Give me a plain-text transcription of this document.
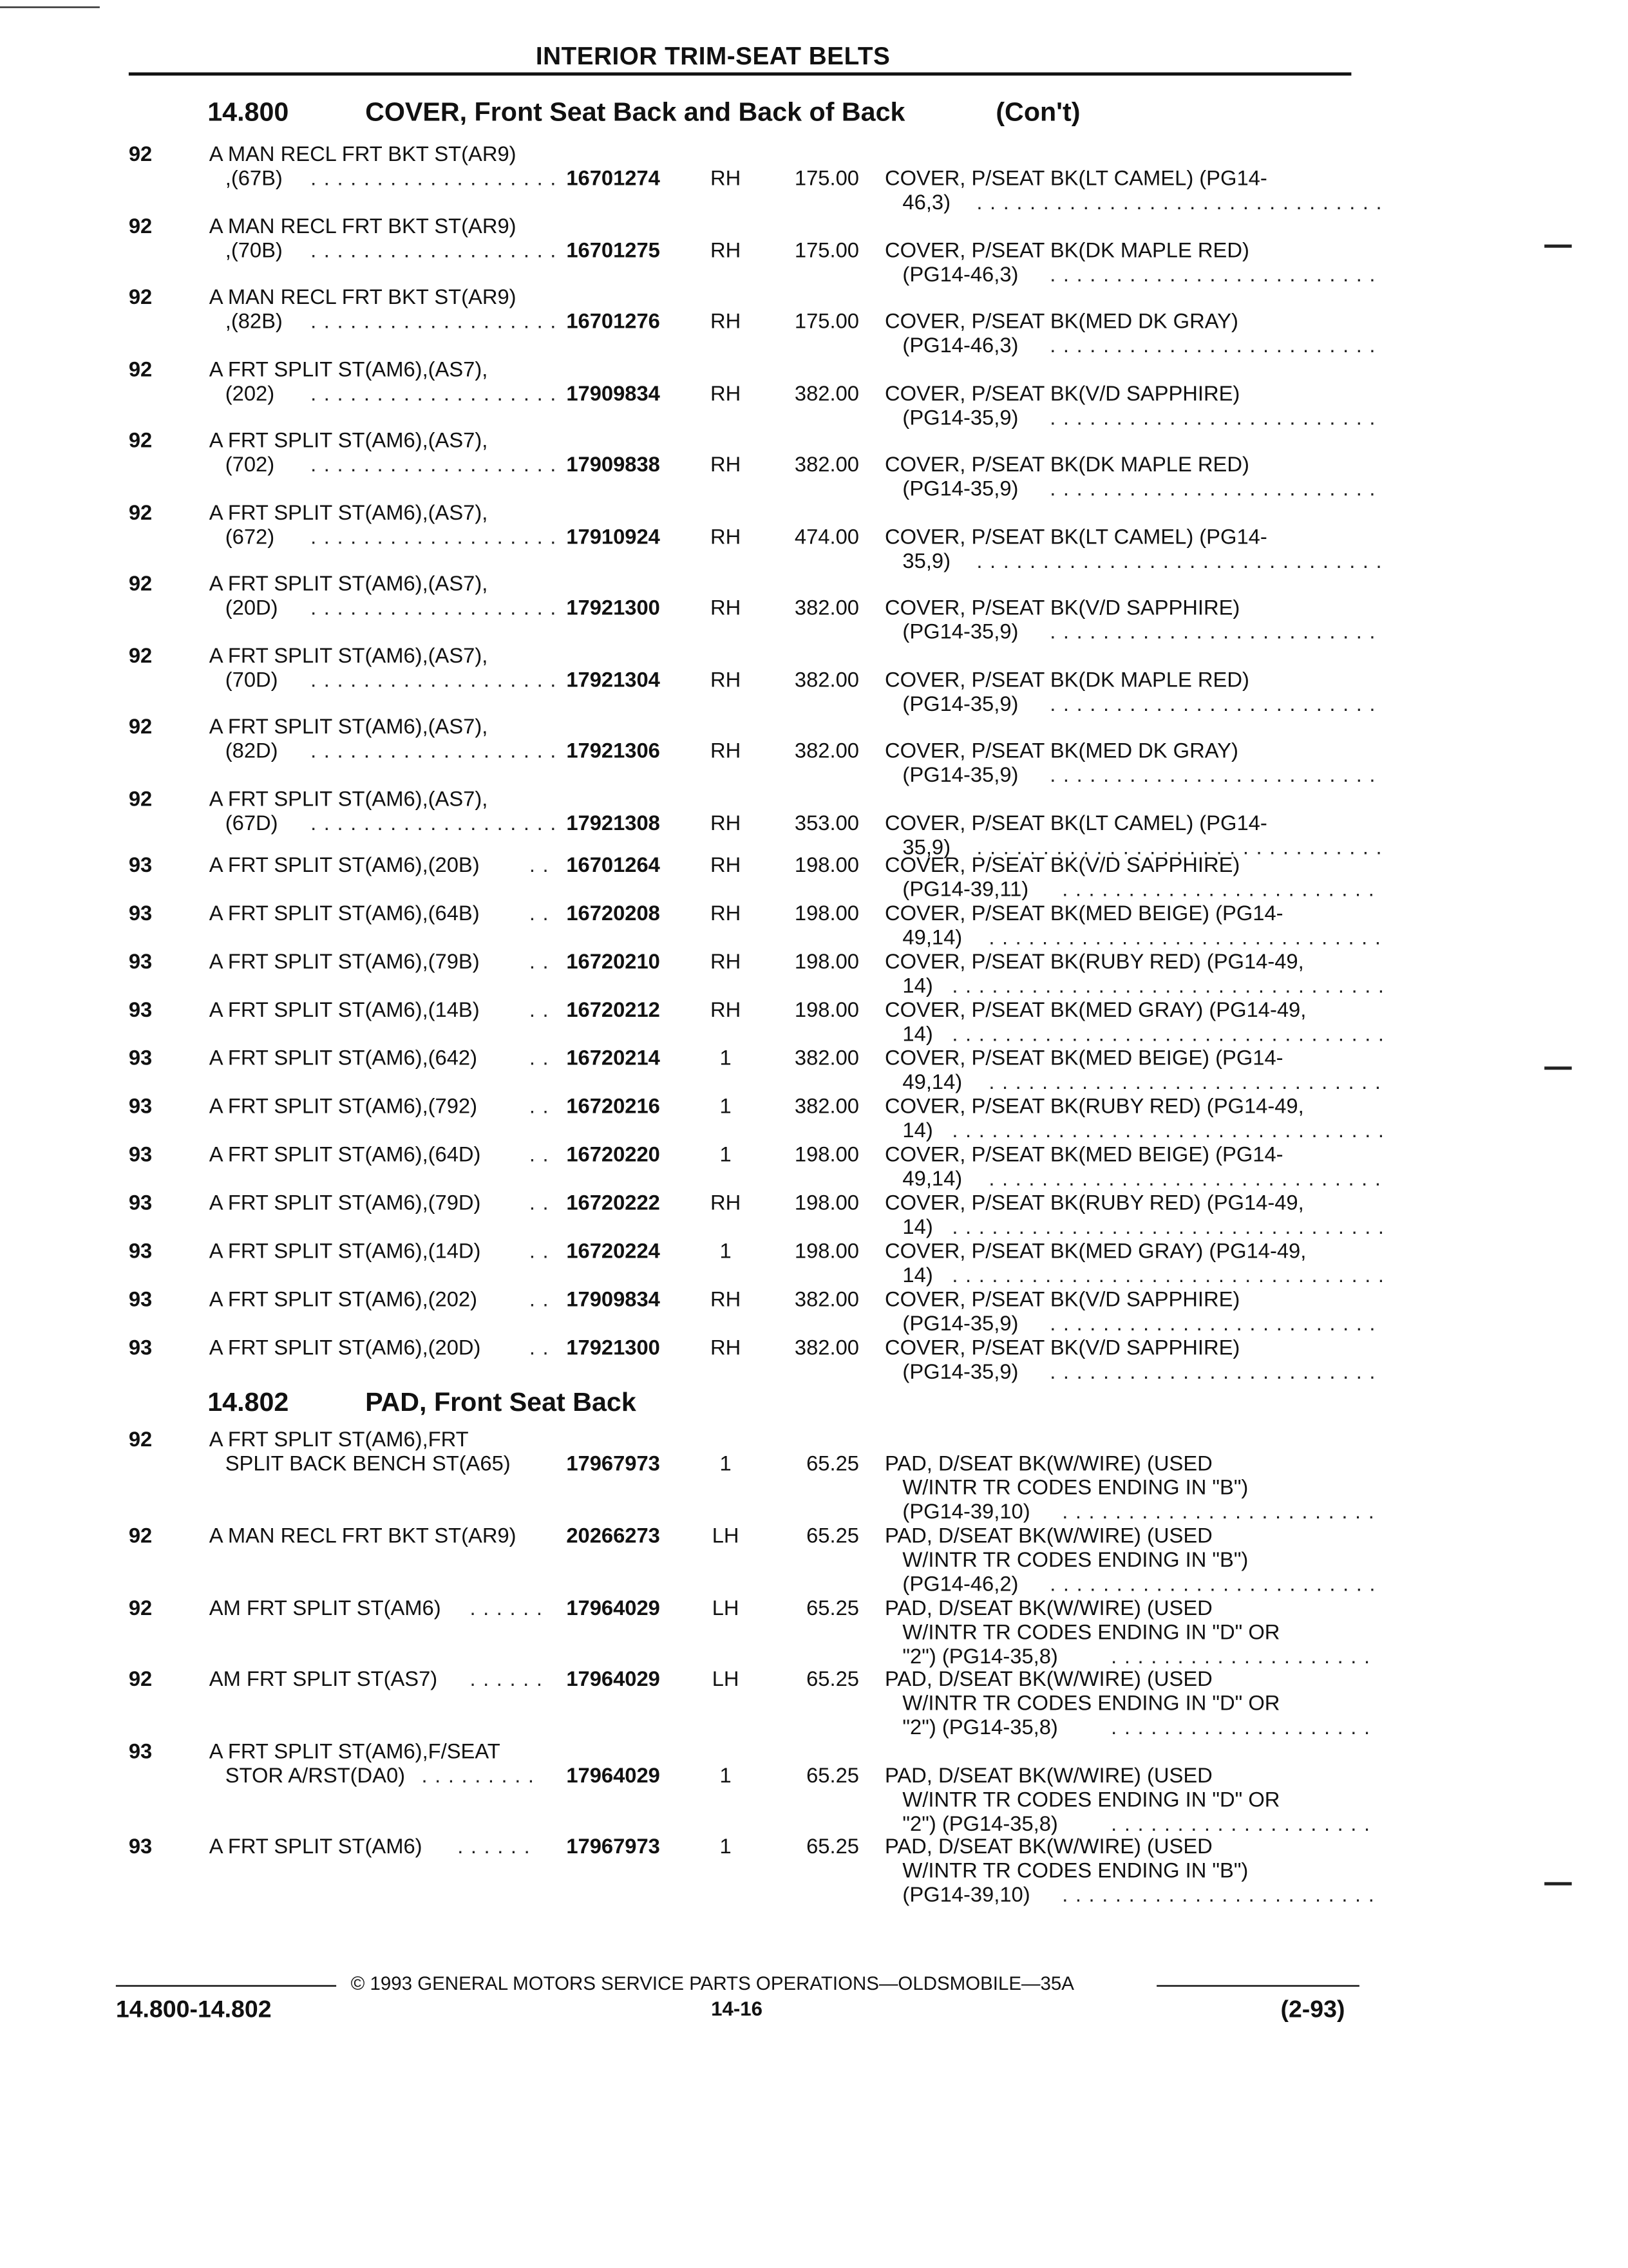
INTERIOR TRIM-SEAT BELTS
14.800	COVER, Front Seat Back and Back of Back	(Con't)
92	A MAN RECL FRT BKT ST(AR9)
,(67B)	. . . . . . . . . . . . . . . . . . . 16701274	RH	175.00	COVER, P/SEAT BK(LT CAMEL) (PG14-
46,3)	. . . . . . . . . . . . . . . . . . . . . . . . . . . . . . .
92	A MAN RECL FRT BKT ST(AR9)
,(70B)	. . . . . . . . . . . . . . . . . . . 16701275	RH	175.00	COVER, P/SEAT BK(DK MAPLE RED)
(PG14-46,3)	. . . . . . . . . . . . . . . . . . . . . . . . .
92	A MAN RECL FRT BKT ST(AR9)
,(82B)	. . . . . . . . . . . . . . . . . . . 16701276	RH	175.00	COVER, P/SEAT BK(MED DK GRAY)
(PG14-46,3)	. . . . . . . . . . . . . . . . . . . . . . . . .
92	A FRT SPLIT ST(AM6),(AS7),
(202)	. . . . . . . . . . . . . . . . . . . 17909834	RH	382.00	COVER, P/SEAT BK(V/D SAPPHIRE)
(PG14-35,9)	. . . . . . . . . . . . . . . . . . . . . . . . .
92	A FRT SPLIT ST(AM6),(AS7),
(702)	. . . . . . . . . . . . . . . . . . . 17909838	RH	382.00	COVER, P/SEAT BK(DK MAPLE RED)
(PG14-35,9)	. . . . . . . . . . . . . . . . . . . . . . . . .
92	A FRT SPLIT ST(AM6),(AS7),
(672)	. . . . . . . . . . . . . . . . . . . 17910924	RH	474.00	COVER, P/SEAT BK(LT CAMEL) (PG14-
35,9)	. . . . . . . . . . . . . . . . . . . . . . . . . . . . . . .
92	A FRT SPLIT ST(AM6),(AS7),
(20D)	. . . . . . . . . . . . . . . . . . . 17921300	RH	382.00	COVER, P/SEAT BK(V/D SAPPHIRE)
(PG14-35,9)	. . . . . . . . . . . . . . . . . . . . . . . . .
92	A FRT SPLIT ST(AM6),(AS7),
(70D)	. . . . . . . . . . . . . . . . . . . 17921304	RH	382.00	COVER, P/SEAT BK(DK MAPLE RED)
(PG14-35,9)	. . . . . . . . . . . . . . . . . . . . . . . . .
92	A FRT SPLIT ST(AM6),(AS7),
(82D)	. . . . . . . . . . . . . . . . . . . 17921306	RH	382.00	COVER, P/SEAT BK(MED DK GRAY)
(PG14-35,9)	. . . . . . . . . . . . . . . . . . . . . . . . .
92	A FRT SPLIT ST(AM6),(AS7),
(67D)	. . . . . . . . . . . . . . . . . . . 17921308	RH	353.00	COVER, P/SEAT BK(LT CAMEL) (PG14-
35,9)	. . . . . . . . . . . . . . . . . . . . . . . . . . . . . . .
93	A FRT SPLIT ST(AM6),(20B)	. . 16701264	RH	198.00	COVER, P/SEAT BK(V/D SAPPHIRE)
(PG14-39,11)	. . . . . . . . . . . . . . . . . . . . . . . .
93	A FRT SPLIT ST(AM6),(64B)	. . 16720208	RH	198.00	COVER, P/SEAT BK(MED BEIGE) (PG14-
49,14)	. . . . . . . . . . . . . . . . . . . . . . . . . . . . . .
93	A FRT SPLIT ST(AM6),(79B)	. . 16720210	RH	198.00	COVER, P/SEAT BK(RUBY RED) (PG14-49,
14) . . . . . . . . . . . . . . . . . . . . . . . . . . . . . . . . .
93	A FRT SPLIT ST(AM6),(14B)	. . 16720212	RH	198.00	COVER, P/SEAT BK(MED GRAY) (PG14-49,
14) . . . . . . . . . . . . . . . . . . . . . . . . . . . . . . . . .
93	A FRT SPLIT ST(AM6),(642)	. . 16720214	1	382.00	COVER, P/SEAT BK(MED BEIGE) (PG14-
49,14)	. . . . . . . . . . . . . . . . . . . . . . . . . . . . . .
93	A FRT SPLIT ST(AM6),(792)	. . 16720216	1	382.00	COVER, P/SEAT BK(RUBY RED) (PG14-49,
14) . . . . . . . . . . . . . . . . . . . . . . . . . . . . . . . . .
93	A FRT SPLIT ST(AM6),(64D)	. . 16720220	1	198.00	COVER, P/SEAT BK(MED BEIGE) (PG14-
49,14)	. . . . . . . . . . . . . . . . . . . . . . . . . . . . . .
93	A FRT SPLIT ST(AM6),(79D)	. . 16720222	RH	198.00	COVER, P/SEAT BK(RUBY RED) (PG14-49,
14) . . . . . . . . . . . . . . . . . . . . . . . . . . . . . . . . .
93	A FRT SPLIT ST(AM6),(14D)	. . 16720224	1	198.00	COVER, P/SEAT BK(MED GRAY) (PG14-49,
14) . . . . . . . . . . . . . . . . . . . . . . . . . . . . . . . . .
93	A FRT SPLIT ST(AM6),(202)	. . 17909834	RH	382.00	COVER, P/SEAT BK(V/D SAPPHIRE)
(PG14-35,9)	. . . . . . . . . . . . . . . . . . . . . . . . .
93	A FRT SPLIT ST(AM6),(20D)	. . 17921300	RH	382.00	COVER, P/SEAT BK(V/D SAPPHIRE)
(PG14-35,9)	. . . . . . . . . . . . . . . . . . . . . . . . .
14.802	PAD, Front Seat Back
92	A FRT SPLIT ST(AM6),FRT
SPLIT BACK BENCH ST(A65)	17967973	1	65.25	PAD, D/SEAT BK(W/WIRE) (USED
W/INTR TR CODES ENDING IN "B")
(PG14-39,10)	. . . . . . . . . . . . . . . . . . . . . . . .
92	A MAN RECL FRT BKT ST(AR9)	20266273	LH	65.25	PAD, D/SEAT BK(W/WIRE) (USED
W/INTR TR CODES ENDING IN "B")
(PG14-46,2)	. . . . . . . . . . . . . . . . . . . . . . . . .
92	AM FRT SPLIT ST(AM6)	. . . . . .	17964029	LH	65.25	PAD, D/SEAT BK(W/WIRE) (USED
W/INTR TR CODES ENDING IN "D" OR
"2") (PG14-35,8)	. . . . . . . . . . . . . . . . . . . .
92	AM FRT SPLIT ST(AS7)	. . . . . .	17964029	LH	65.25	PAD, D/SEAT BK(W/WIRE) (USED
W/INTR TR CODES ENDING IN "D" OR
"2") (PG14-35,8)	. . . . . . . . . . . . . . . . . . . .
93	A FRT SPLIT ST(AM6),F/SEAT
STOR A/RST(DA0) . . . . . . . . .	17964029	1	65.25	PAD, D/SEAT BK(W/WIRE) (USED
W/INTR TR CODES ENDING IN "D" OR
"2") (PG14-35,8)	. . . . . . . . . . . . . . . . . . . .
93	A FRT SPLIT ST(AM6)	. . . . . .	17967973	1	65.25	PAD, D/SEAT BK(W/WIRE) (USED
W/INTR TR CODES ENDING IN "B")
(PG14-39,10)	. . . . . . . . . . . . . . . . . . . . . . . .
© 1993 GENERAL MOTORS SERVICE PARTS OPERATIONS—OLDSMOBILE—35A
14.800-14.802	14-16	(2-93)
